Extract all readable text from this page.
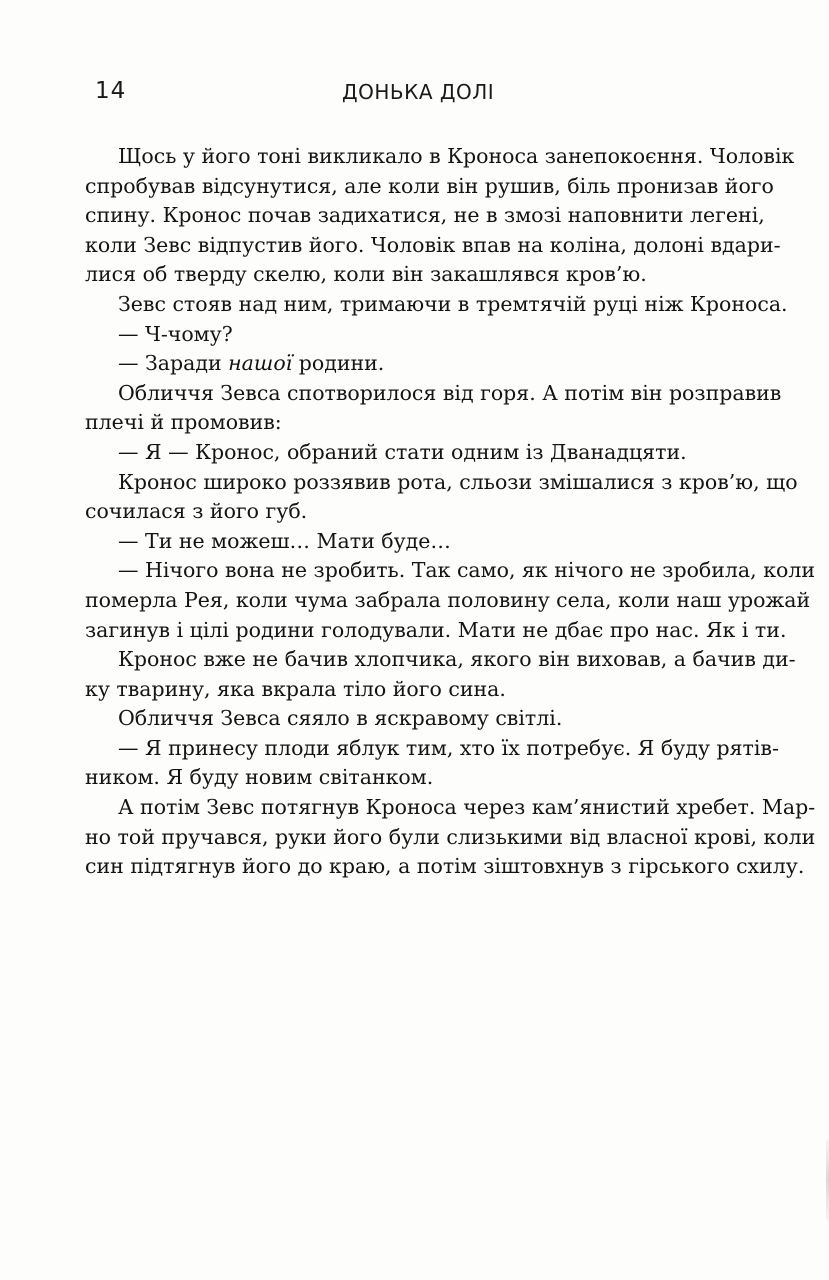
14	ДОНЬКА ДОЛІ
Щось у його тоні викликало в Кроноса занепокоєння. Чоловік
спробував відсунутися, але коли він рушив, біль пронизав його
спину. Кронос почав задихатися, не в змозі наповнити легені,
коли Зевс відпустив його. Чоловік впав на коліна, долоні вдари-
лися об тверду скелю, коли він закашлявся кров’ю.
Зевс стояв над ним, тримаючи в тремтячій руці ніж Кроноса.
— Ч-чому?
— Заради нашої родини.
Обличчя Зевса спотворилося від горя. А потім він розправив
плечі й промовив:
— Я — Кронос, обраний стати одним із Дванадцяти.
Кронос широко роззявив рота, сльози змішалися з кров’ю, що
сочилася з його губ.
— Ти не можеш… Мати буде…
— Нічого вона не зробить. Так само, як нічого не зробила, коли
померла Рея, коли чума забрала половину села, коли наш урожай
загинув і цілі родини голодували. Мати не дбає про нас. Як і ти.
Кронос вже не бачив хлопчика, якого він виховав, а бачив ди-
ку тварину, яка вкрала тіло його сина.
Обличчя Зевса сяяло в яскравому світлі.
— Я принесу плоди яблук тим, хто їх потребує. Я буду рятів-
ником. Я буду новим світанком.
А потім Зевс потягнув Кроноса через кам’янистий хребет. Мар-
но той пручався, руки його були слизькими від власної крові, коли
син підтягнув його до краю, а потім зіштовхнув з гірського схилу.
